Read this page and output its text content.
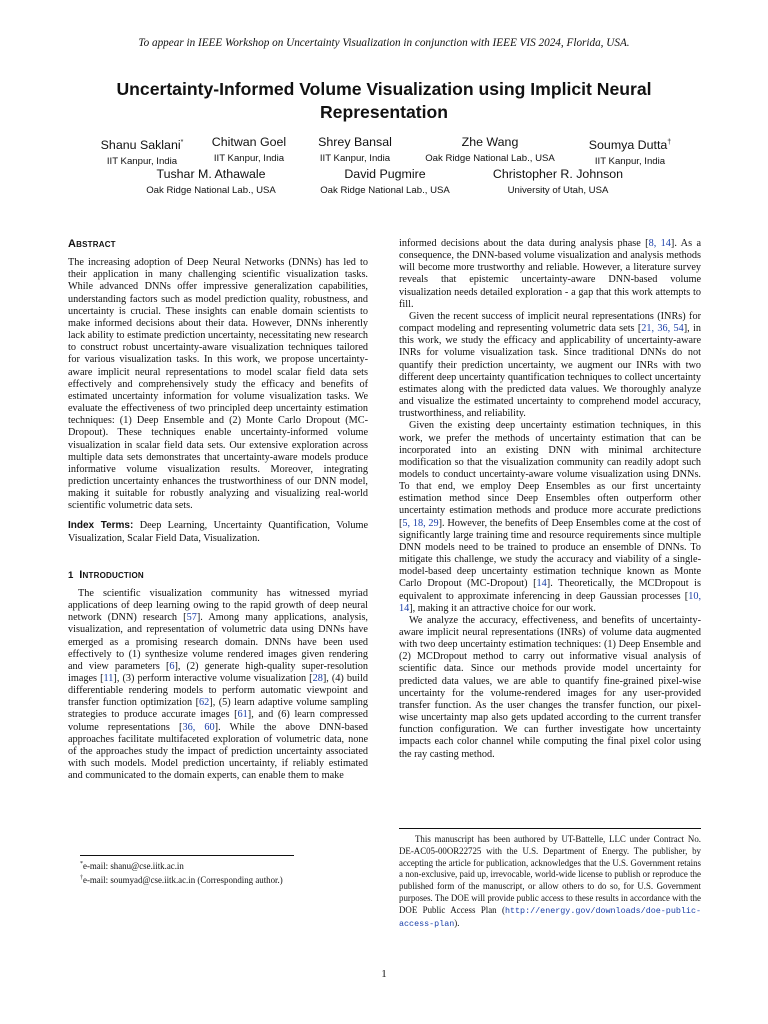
To appear in IEEE Workshop on Uncertainty Visualization in conjunction with IEEE VIS 2024, Florida, USA.
Uncertainty-Informed Volume Visualization using Implicit Neural Representation
Shanu Saklani*
IIT Kanpur, India
Chitwan Goel
IIT Kanpur, India
Shrey Bansal
IIT Kanpur, India
Zhe Wang
Oak Ridge National Lab., USA
Soumya Dutta†
IIT Kanpur, India
Tushar M. Athawale
Oak Ridge National Lab., USA
David Pugmire
Oak Ridge National Lab., USA
Christopher R. Johnson
University of Utah, USA
Abstract

The increasing adoption of Deep Neural Networks (DNNs) has led to their application in many challenging scientific visualization tasks. While advanced DNNs offer impressive generalization capabilities, understanding factors such as model prediction quality, robustness, and uncertainty is crucial. These insights can enable domain scientists to make informed decisions about their data. However, DNNs inherently lack ability to estimate prediction uncertainty, necessitating new research to construct robust uncertainty-aware visualization techniques tailored for various visualization tasks. In this work, we propose uncertainty-aware implicit neural representations to model scalar field data sets effectively and comprehensively study the efficacy and benefits of estimated uncertainty information for volume visualization tasks. We evaluate the effectiveness of two principled deep uncertainty estimation techniques: (1) Deep Ensemble and (2) Monte Carlo Dropout (MC-Dropout). These techniques enable uncertainty-informed volume visualization in scalar field data sets. Our extensive exploration across multiple data sets demonstrates that uncertainty-aware models produce informative volume visualization results. Moreover, integrating prediction uncertainty enhances the trustworthiness of our DNN model, making it suitable for robustly analyzing and visualizing real-world scientific volumetric data sets.

Index Terms: Deep Learning, Uncertainty Quantification, Volume Visualization, Scalar Field Data, Visualization.

1 Introduction

The scientific visualization community has witnessed myriad applications of deep learning owing to the rapid growth of deep neural network (DNN) research [57]. Among many applications, analysis, visualization, and representation of volumetric data using DNNs have emerged as a promising research domain. DNNs have been used effectively to (1) synthesize volume rendered images given rendering and view parameters [6], (2) generate high-quality super-resolution images [11], (3) perform interactive volume visualization [28], (4) build differentiable rendering models to perform automatic viewpoint and transfer function optimization [62], (5) learn adaptive volume sampling strategies to produce accurate images [61], and (6) learn compressed volume representations [36, 60]. While the above DNN-based approaches facilitate multifaceted exploration of volumetric data, none of the approaches study the impact of prediction uncertainty associated with such models. Model prediction uncertainty, if reliably estimated and communicated to the domain experts, can enable them to make

*e-mail: shanu@cse.iitk.ac.in
†e-mail: soumyad@cse.iitk.ac.in (Corresponding author.)

informed decisions about the data during analysis phase [8, 14]. As a consequence, the DNN-based volume visualization and analysis methods will become more trustworthy and reliable. However, a literature survey reveals that epistemic uncertainty-aware DNN-based volume visualization needs detailed exploration - a gap that this work attempts to fill.

Given the recent success of implicit neural representations (INRs) for compact modeling and representing volumetric data sets [21, 36, 54], in this work, we study the efficacy and applicability of uncertainty-aware INRs for volume visualization task. Since traditional DNNs do not quantify their prediction uncertainty, we augment our INRs with two different deep uncertainty quantification techniques to collect uncertainty estimates along with the predicted data values. We thoroughly analyze and visualize the estimated uncertainty to comprehend model accuracy, trustworthiness, and reliability.

Given the existing deep uncertainty estimation techniques, in this work, we prefer the methods of uncertainty estimation that can be incorporated into an existing DNN with minimal architecture modification so that the visualization community can readily adopt such models to conduct uncertainty-aware volume visualization using DNNs. To that end, we employ Deep Ensembles as our first uncertainty estimation method since Deep Ensembles often outperform other uncertainty estimation methods and produce more accurate predictions [5, 18, 29]. However, the benefits of Deep Ensembles come at the cost of significantly large training time and resource requirements since multiple DNN models need to be trained to produce an ensemble of DNNs. To mitigate this challenge, we study the accuracy and viability of a single-model-based deep uncertainty estimation technique known as Monte Carlo Dropout (MC-Dropout) [14]. Theoretically, the MCDropout is equivalent to approximate inferencing in deep Gaussian processes [10, 14], making it an attractive choice for our work.

We analyze the accuracy, effectiveness, and benefits of uncertainty-aware implicit neural representations (INRs) of volume data augmented with two deep uncertainty estimation techniques: (1) Deep Ensemble and (2) MCDropout method to carry out informative visual analysis of scientific data. Since our methods provide model uncertainty for predicted data values, we are able to quantify fine-grained pixel-wise uncertainty for the volume-rendered images for any user-provided transfer function. As the user changes the transfer function, our pixel-wise uncertainty map also gets updated according to the current transfer function configuration. We can further investigate how uncertainty impacts each color channel while computing the final pixel color using the ray casting method.

This manuscript has been authored by UT-Battelle, LLC under Contract No. DE-AC05-00OR22725 with the U.S. Department of Energy. The publisher, by accepting the article for publication, acknowledges that the U.S. Government retains a non-exclusive, paid up, irrevocable, world-wide license to publish or reproduce the published form of the manuscript, or allow others to do so, for U.S. Government purposes. The DOE will provide public access to these results in accordance with the DOE Public Access Plan (http://energy.gov/downloads/doe-public-access-plan).
1
